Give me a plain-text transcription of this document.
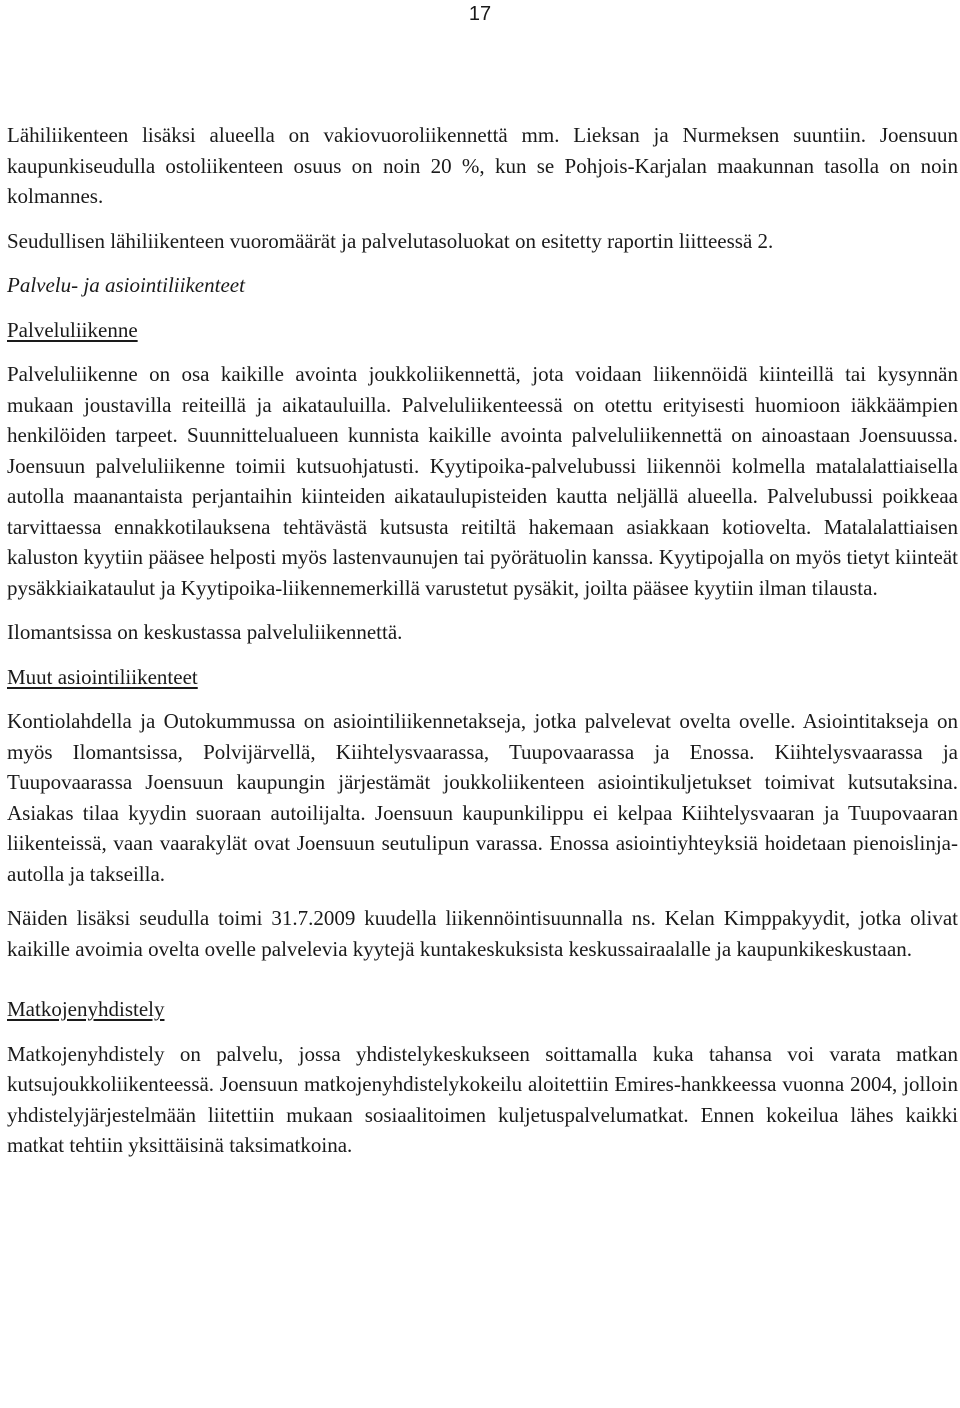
17

Lähiliikenteen lisäksi alueella on vakiovuoroliikennettä mm. Lieksan ja Nurmeksen suuntiin. Joensuun kaupunkiseudulla ostoliikenteen osuus on noin 20 %, kun se Pohjois-Karjalan maakunnan tasolla on noin kolmannes.

Seudullisen lähiliikenteen vuoromäärät ja palvelutasoluokat on esitetty raportin liitteessä 2.

Palvelu- ja asiointiliikenteet
Palveluliikenne

Palveluliikenne on osa kaikille avointa joukkoliikennettä, jota voidaan liikennöidä kiinteillä tai kysynnän mukaan joustavilla reiteillä ja aikatauluilla. Palveluliikenteessä on otettu erityisesti huomioon iäkkäämpien henkilöiden tarpeet. Suunnittelualueen kunnista kaikille avointa palveluliikennettä on ainoastaan Joensuussa. Joensuun palveluliikenne toimii kutsuohjatusti. Kyytipoika-palvelubussi liikennöi kolmella matalalattiaisella autolla maanantaista perjantaihin kiinteiden aikataulupisteiden kautta neljällä alueella. Palvelubussi poikkeaa tarvittaessa ennakkotilauksena tehtävästä kutsusta reitiltä hakemaan asiakkaan kotiovelta. Matalalattiaisen kaluston kyytiin pääsee helposti myös lastenvaunujen tai pyörätuolin kanssa. Kyytipojalla on myös tietyt kiinteät pysäkkiaikataulut ja Kyytipoika-liikennemerkillä varustetut pysäkit, joilta pääsee kyytiin ilman tilausta.

Ilomantsissa on keskustassa palveluliikennettä.

Muut asiointiliikenteet

Kontiolahdella ja Outokummussa on asiointiliikennetakseja, jotka palvelevat ovelta ovelle. Asiointitakseja on myös Ilomantsissa, Polvijärvellä, Kiihtelysvaarassa, Tuupovaarassa ja Enossa. Kiihtelysvaarassa ja Tuupovaarassa Joensuun kaupungin järjestämät joukkoliikenteen asiointikuljetukset toimivat kutsutaksina. Asiakas tilaa kyydin suoraan autoilijalta. Joensuun kaupunkilippu ei kelpaa Kiihtelysvaaran ja Tuupovaaran liikenteissä, vaan vaarakylät ovat Joensuun seutulipun varassa. Enossa asiointiyhteyksiä hoidetaan pienoislinja-autolla ja takseilla.

Näiden lisäksi seudulla toimi 31.7.2009 kuudella liikennöintisuunnalla ns. Kelan Kimppakyydit, jotka olivat kaikille avoimia ovelta ovelle palvelevia kyytejä kuntakeskuksista keskussairaalalle ja kaupunkikeskustaan.

Matkojenyhdistely

Matkojenyhdistely on palvelu, jossa yhdistelykeskukseen soittamalla kuka tahansa voi varata matkan kutsujoukkoliikenteessä. Joensuun matkojenyhdistelykokeilu aloitettiin Emires-hankkeessa vuonna 2004, jolloin yhdistelyjärjestelmään liitettiin mukaan sosiaalitoimen kuljetuspalvelumatkat. Ennen kokeilua lähes kaikki matkat tehtiin yksittäisinä taksimatkoina.
